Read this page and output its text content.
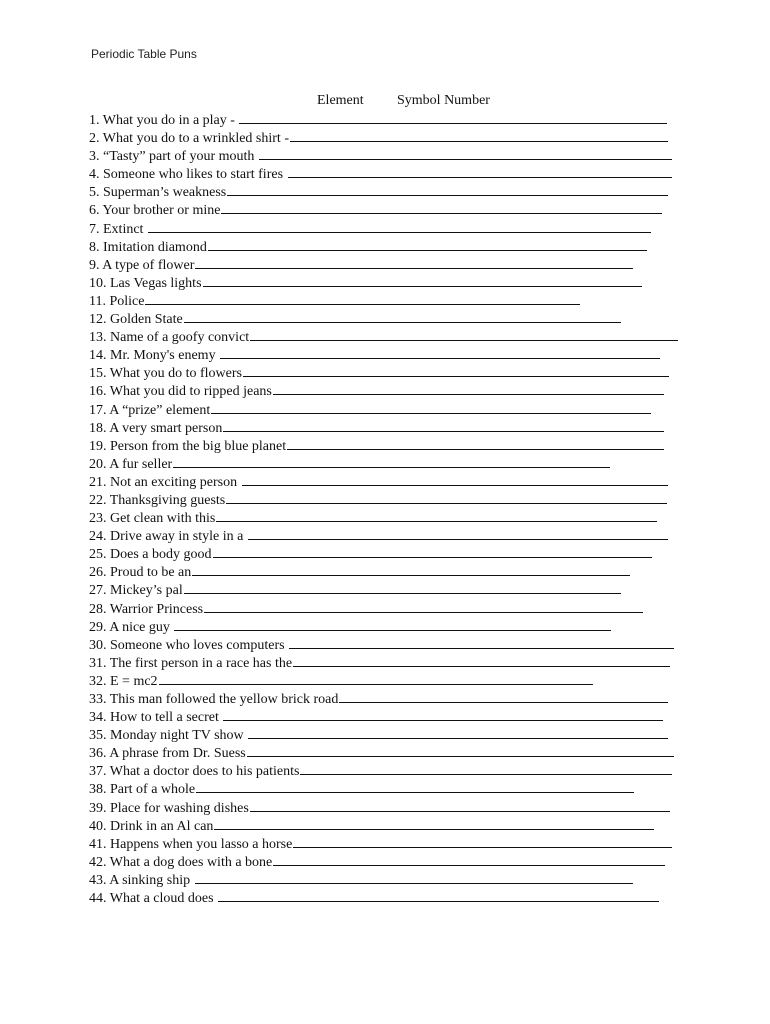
Periodic Table Puns
Element Symbol Number
1. What you do in a play -
2. What you do to a wrinkled shirt -
3. “Tasty” part of your mouth
4. Someone who likes to start fires
5. Superman’s weakness
6. Your brother or mine
7. Extinct
8. Imitation diamond
9. A type of flower
10. Las Vegas lights
11. Police
12. Golden State
13. Name of a goofy convict
14. Mr. Mony's enemy
15. What you do to flowers
16. What you did to ripped jeans
17. A “prize” element
18. A very smart person
19. Person from the big blue planet
20. A fur seller
21. Not an exciting person
22. Thanksgiving guests
23. Get clean with this
24. Drive away in style in a
25. Does a body good
26. Proud to be an
27. Mickey’s pal
28. Warrior Princess
29. A nice guy
30. Someone who loves computers
31. The first person in a race has the
32. E = mc2
33. This man followed the yellow brick road
34. How to tell a secret
35. Monday night TV show
36. A phrase from Dr. Suess
37. What a doctor does to his patients
38. Part of a whole
39. Place for washing dishes
40. Drink in an Al can
41. Happens when you lasso a horse
42. What a dog does with a bone
43. A sinking ship
44. What a cloud does
